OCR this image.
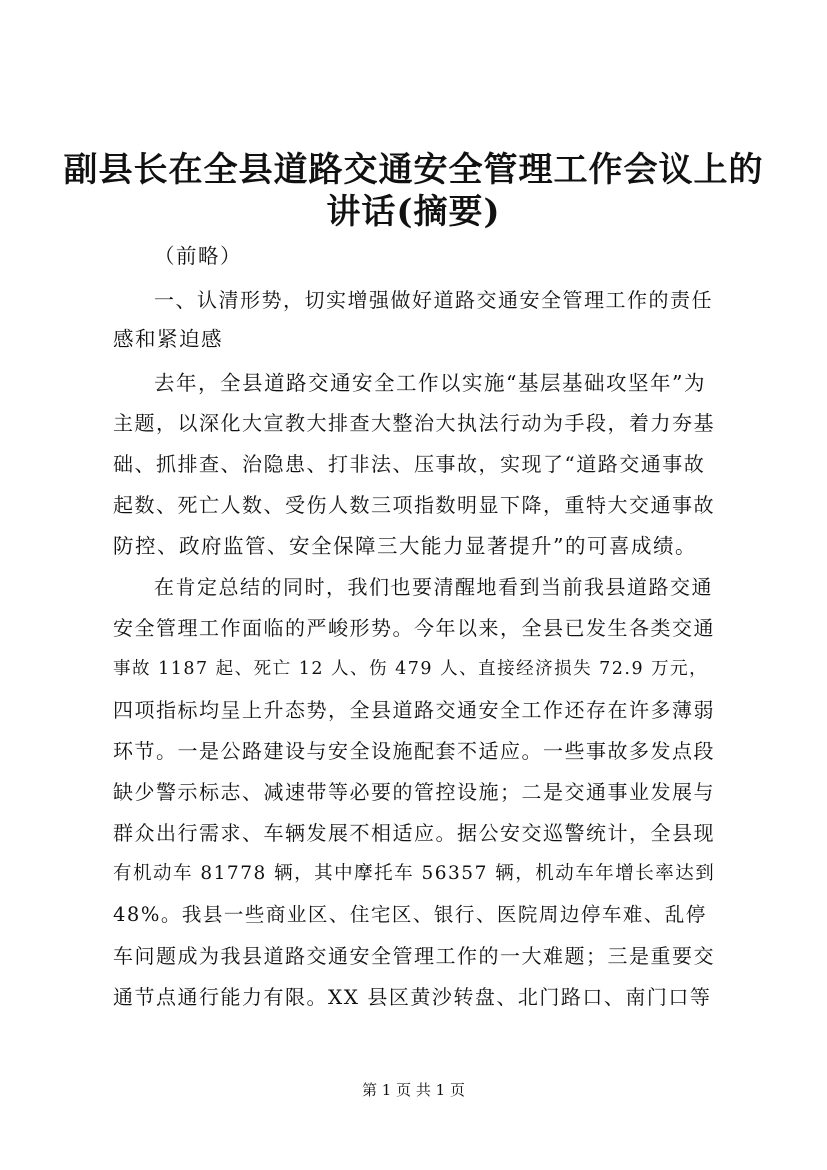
副县长在全县道路交通安全管理工作会议上的
讲话(摘要)
（前略）
一、认清形势，切实增强做好道路交通安全管理工作的责任
感和紧迫感
去年，全县道路交通安全工作以实施“基层基础攻坚年”为
主题，以深化大宣教大排查大整治大执法行动为手段，着力夯基
础、抓排查、治隐患、打非法、压事故，实现了“道路交通事故
起数、死亡人数、受伤人数三项指数明显下降，重特大交通事故
防控、政府监管、安全保障三大能力显著提升”的可喜成绩。
在肯定总结的同时，我们也要清醒地看到当前我县道路交通
安全管理工作面临的严峻形势。今年以来，全县已发生各类交通
事故 1187 起、死亡 12 人、伤 479 人、直接经济损失 72.9 万元，
四项指标均呈上升态势，全县道路交通安全工作还存在许多薄弱
环节。一是公路建设与安全设施配套不适应。一些事故多发点段
缺少警示标志、减速带等必要的管控设施；二是交通事业发展与
群众出行需求、车辆发展不相适应。据公安交巡警统计，全县现
有机动车 81778 辆，其中摩托车 56357 辆，机动车年增长率达到
48%。我县一些商业区、住宅区、银行、医院周边停车难、乱停
车问题成为我县道路交通安全管理工作的一大难题；三是重要交
通节点通行能力有限。XX 县区黄沙转盘、北门路口、南门口等
第 1 页 共 1 页
